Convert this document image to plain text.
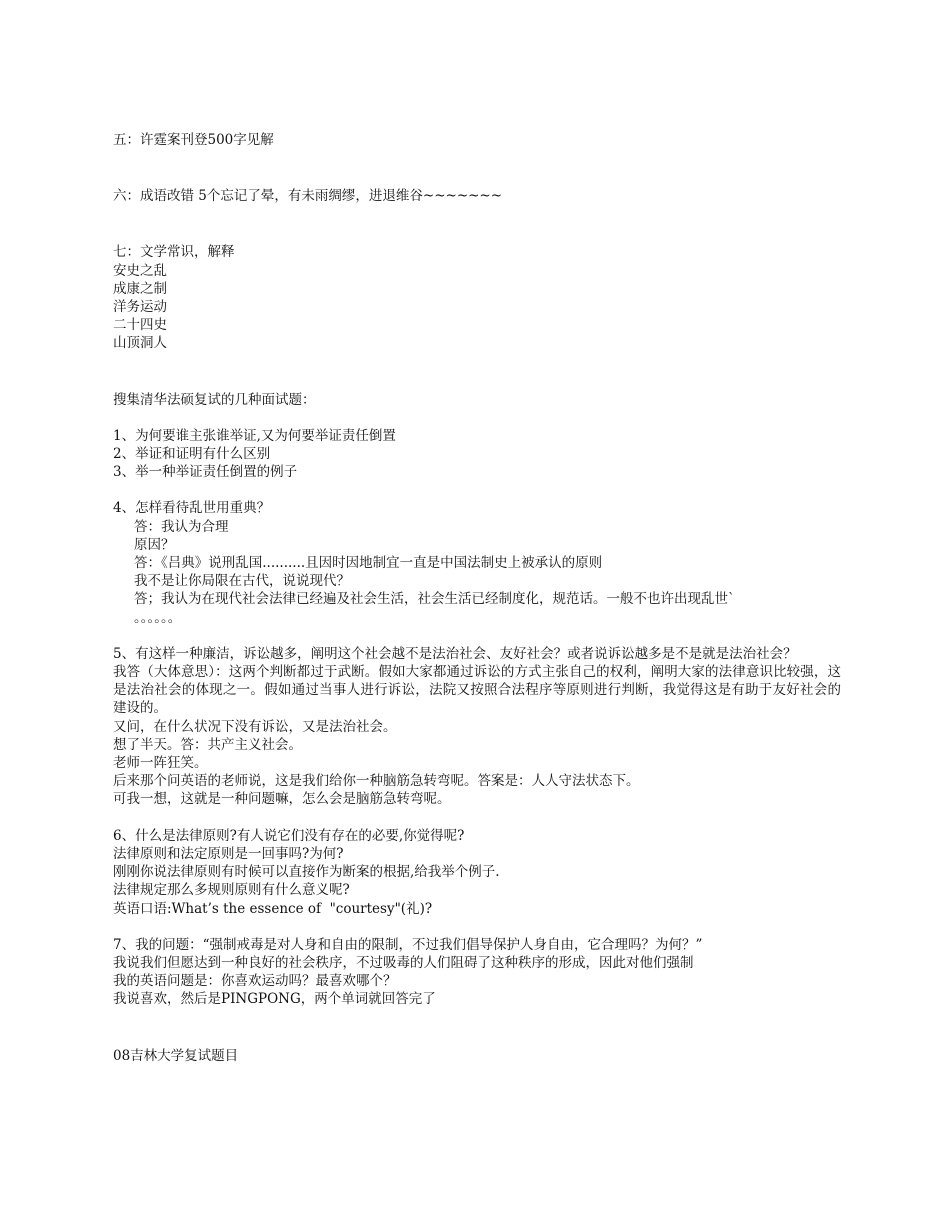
五：许霆案刊登500字见解
六：成语改错 5个忘记了晕，有未雨绸缪，进退维谷~~~~~~~
七：文学常识，解释
安史之乱
成康之制
洋务运动
二十四史
山顶洞人
搜集清华法硕复试的几种面试题：
1、为何要谁主张谁举证,又为何要举证责任倒置
2、举证和证明有什么区别
3、举一种举证责任倒置的例子
4、怎样看待乱世用重典？
答：我认为合理
原因？
答：《吕典》说刑乱国..........且因时因地制宜一直是中国法制史上被承认的原则
我不是让你局限在古代，说说现代？
答；我认为在现代社会法律已经遍及社会生活，社会生活已经制度化，规范话。一般不也许出现乱世`
。。。。。。
5、有这样一种廉洁，诉讼越多，阐明这个社会越不是法治社会、友好社会？或者说诉讼越多是不是就是法治社会？
我答（大体意思）：这两个判断都过于武断。假如大家都通过诉讼的方式主张自己的权利，阐明大家的法律意识比较强，这是法治社会的体现之一。假如通过当事人进行诉讼，法院又按照合法程序等原则进行判断，我觉得这是有助于友好社会的建设的。
又问，在什么状况下没有诉讼，又是法治社会。
想了半天。答：共产主义社会。
老师一阵狂笑。
后来那个问英语的老师说，这是我们给你一种脑筋急转弯呢。答案是：人人守法状态下。
可我一想，这就是一种问题嘛，怎么会是脑筋急转弯呢。
6、什么是法律原则?有人说它们没有存在的必要,你觉得呢?
法律原则和法定原则是一回事吗?为何?
刚刚你说法律原则有时候可以直接作为断案的根据,给我举个例子.
法律规定那么多规则原则有什么意义呢?
英语口语:What’s the essence of  "courtesy"(礼)?
7、我的问题：“强制戒毒是对人身和自由的限制，不过我们倡导保护人身自由，它合理吗？为何？”
我说我们但愿达到一种良好的社会秩序，不过吸毒的人们阻碍了这种秩序的形成，因此对他们强制
我的英语问题是：你喜欢运动吗？最喜欢哪个？
我说喜欢，然后是PINGPONG，两个单词就回答完了
08吉林大学复试题目
